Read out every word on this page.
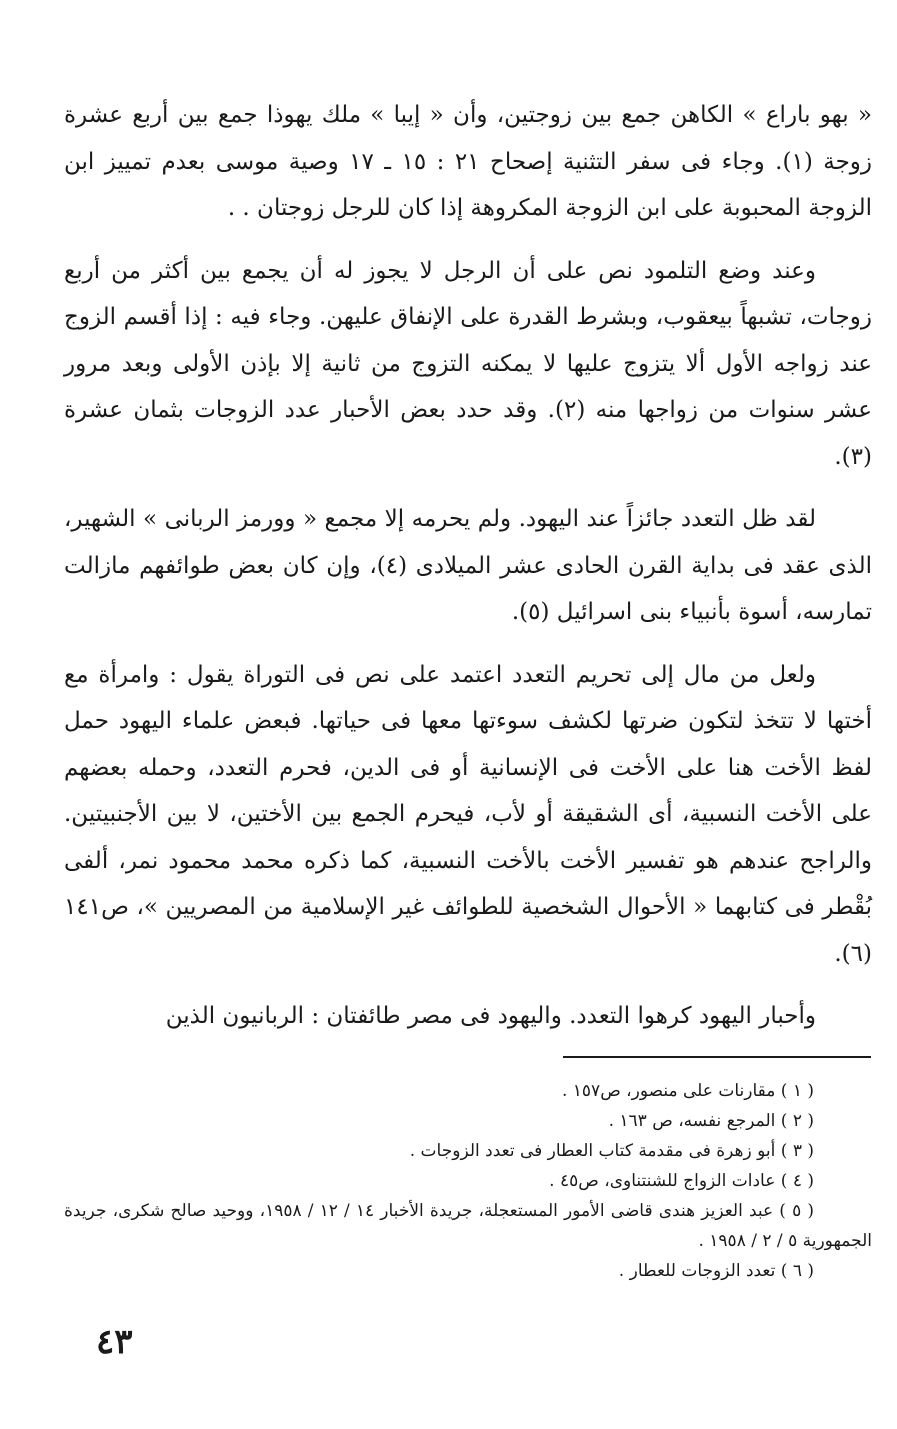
« بهو باراع » الكاهن جمع بين زوجتين، وأن « إيبا » ملك يهوذا جمع بين أربع عشرة زوجة (١). وجاء فى سفر التثنية إصحاح ٢١ : ١٥ ـ ١٧ وصية موسى بعدم تمييز ابن الزوجة المحبوبة على ابن الزوجة المكروهة إذا كان للرجل زوجتان . .

وعند وضع التلمود نص على أن الرجل لا يجوز له أن يجمع بين أكثر من أربع زوجات، تشبهاً بيعقوب، وبشرط القدرة على الإنفاق عليهن. وجاء فيه : إذا أقسم الزوج عند زواجه الأول ألا يتزوج عليها لا يمكنه التزوج من ثانية إلا بإذن الأولى وبعد مرور عشر سنوات من زواجها منه (٢). وقد حدد بعض الأحبار عدد الزوجات بثمان عشرة (٣).

لقد ظل التعدد جائزاً عند اليهود. ولم يحرمه إلا مجمع « وورمز الربانى » الشهير، الذى عقد فى بداية القرن الحادى عشر الميلادى (٤)، وإن كان بعض طوائفهم مازالت تمارسه، أسوة بأنبياء بنى اسرائيل (٥).

ولعل من مال إلى تحريم التعدد اعتمد على نص فى التوراة يقول : وامرأة مع أختها لا تتخذ لتكون ضرتها لكشف سوءتها معها فى حياتها. فبعض علماء اليهود حمل لفظ الأخت هنا على الأخت فى الإنسانية أو فى الدين، فحرم التعدد، وحمله بعضهم على الأخت النسبية، أى الشقيقة أو لأب، فيحرم الجمع بين الأختين، لا بين الأجنبيتين. والراجح عندهم هو تفسير الأخت بالأخت النسبية، كما ذكره محمد محمود نمر، ألفى بُقْطر فى كتابهما « الأحوال الشخصية للطوائف غير الإسلامية من المصريين »، ص١٤١ (٦).

وأحبار اليهود كرهوا التعدد. واليهود فى مصر طائفتان : الربانيون الذين

( ١ ) مقارنات على منصور، ص١٥٧ .

( ٢ ) المرجع نفسه، ص ١٦٣ .

( ٣ ) أبو زهرة فى مقدمة كتاب العطار فى تعدد الزوجات .

( ٤ ) عادات الزواج للشنتناوى، ص٤٥ .

( ٥ ) عبد العزيز هندى قاضى الأمور المستعجلة، جريدة الأخبار ١٤ / ١٢ / ١٩٥٨، ووحيد صالح شكرى، جريدة الجمهورية ٥ / ٢ / ١٩٥٨ .

( ٦ ) تعدد الزوجات للعطار .

٤٣
